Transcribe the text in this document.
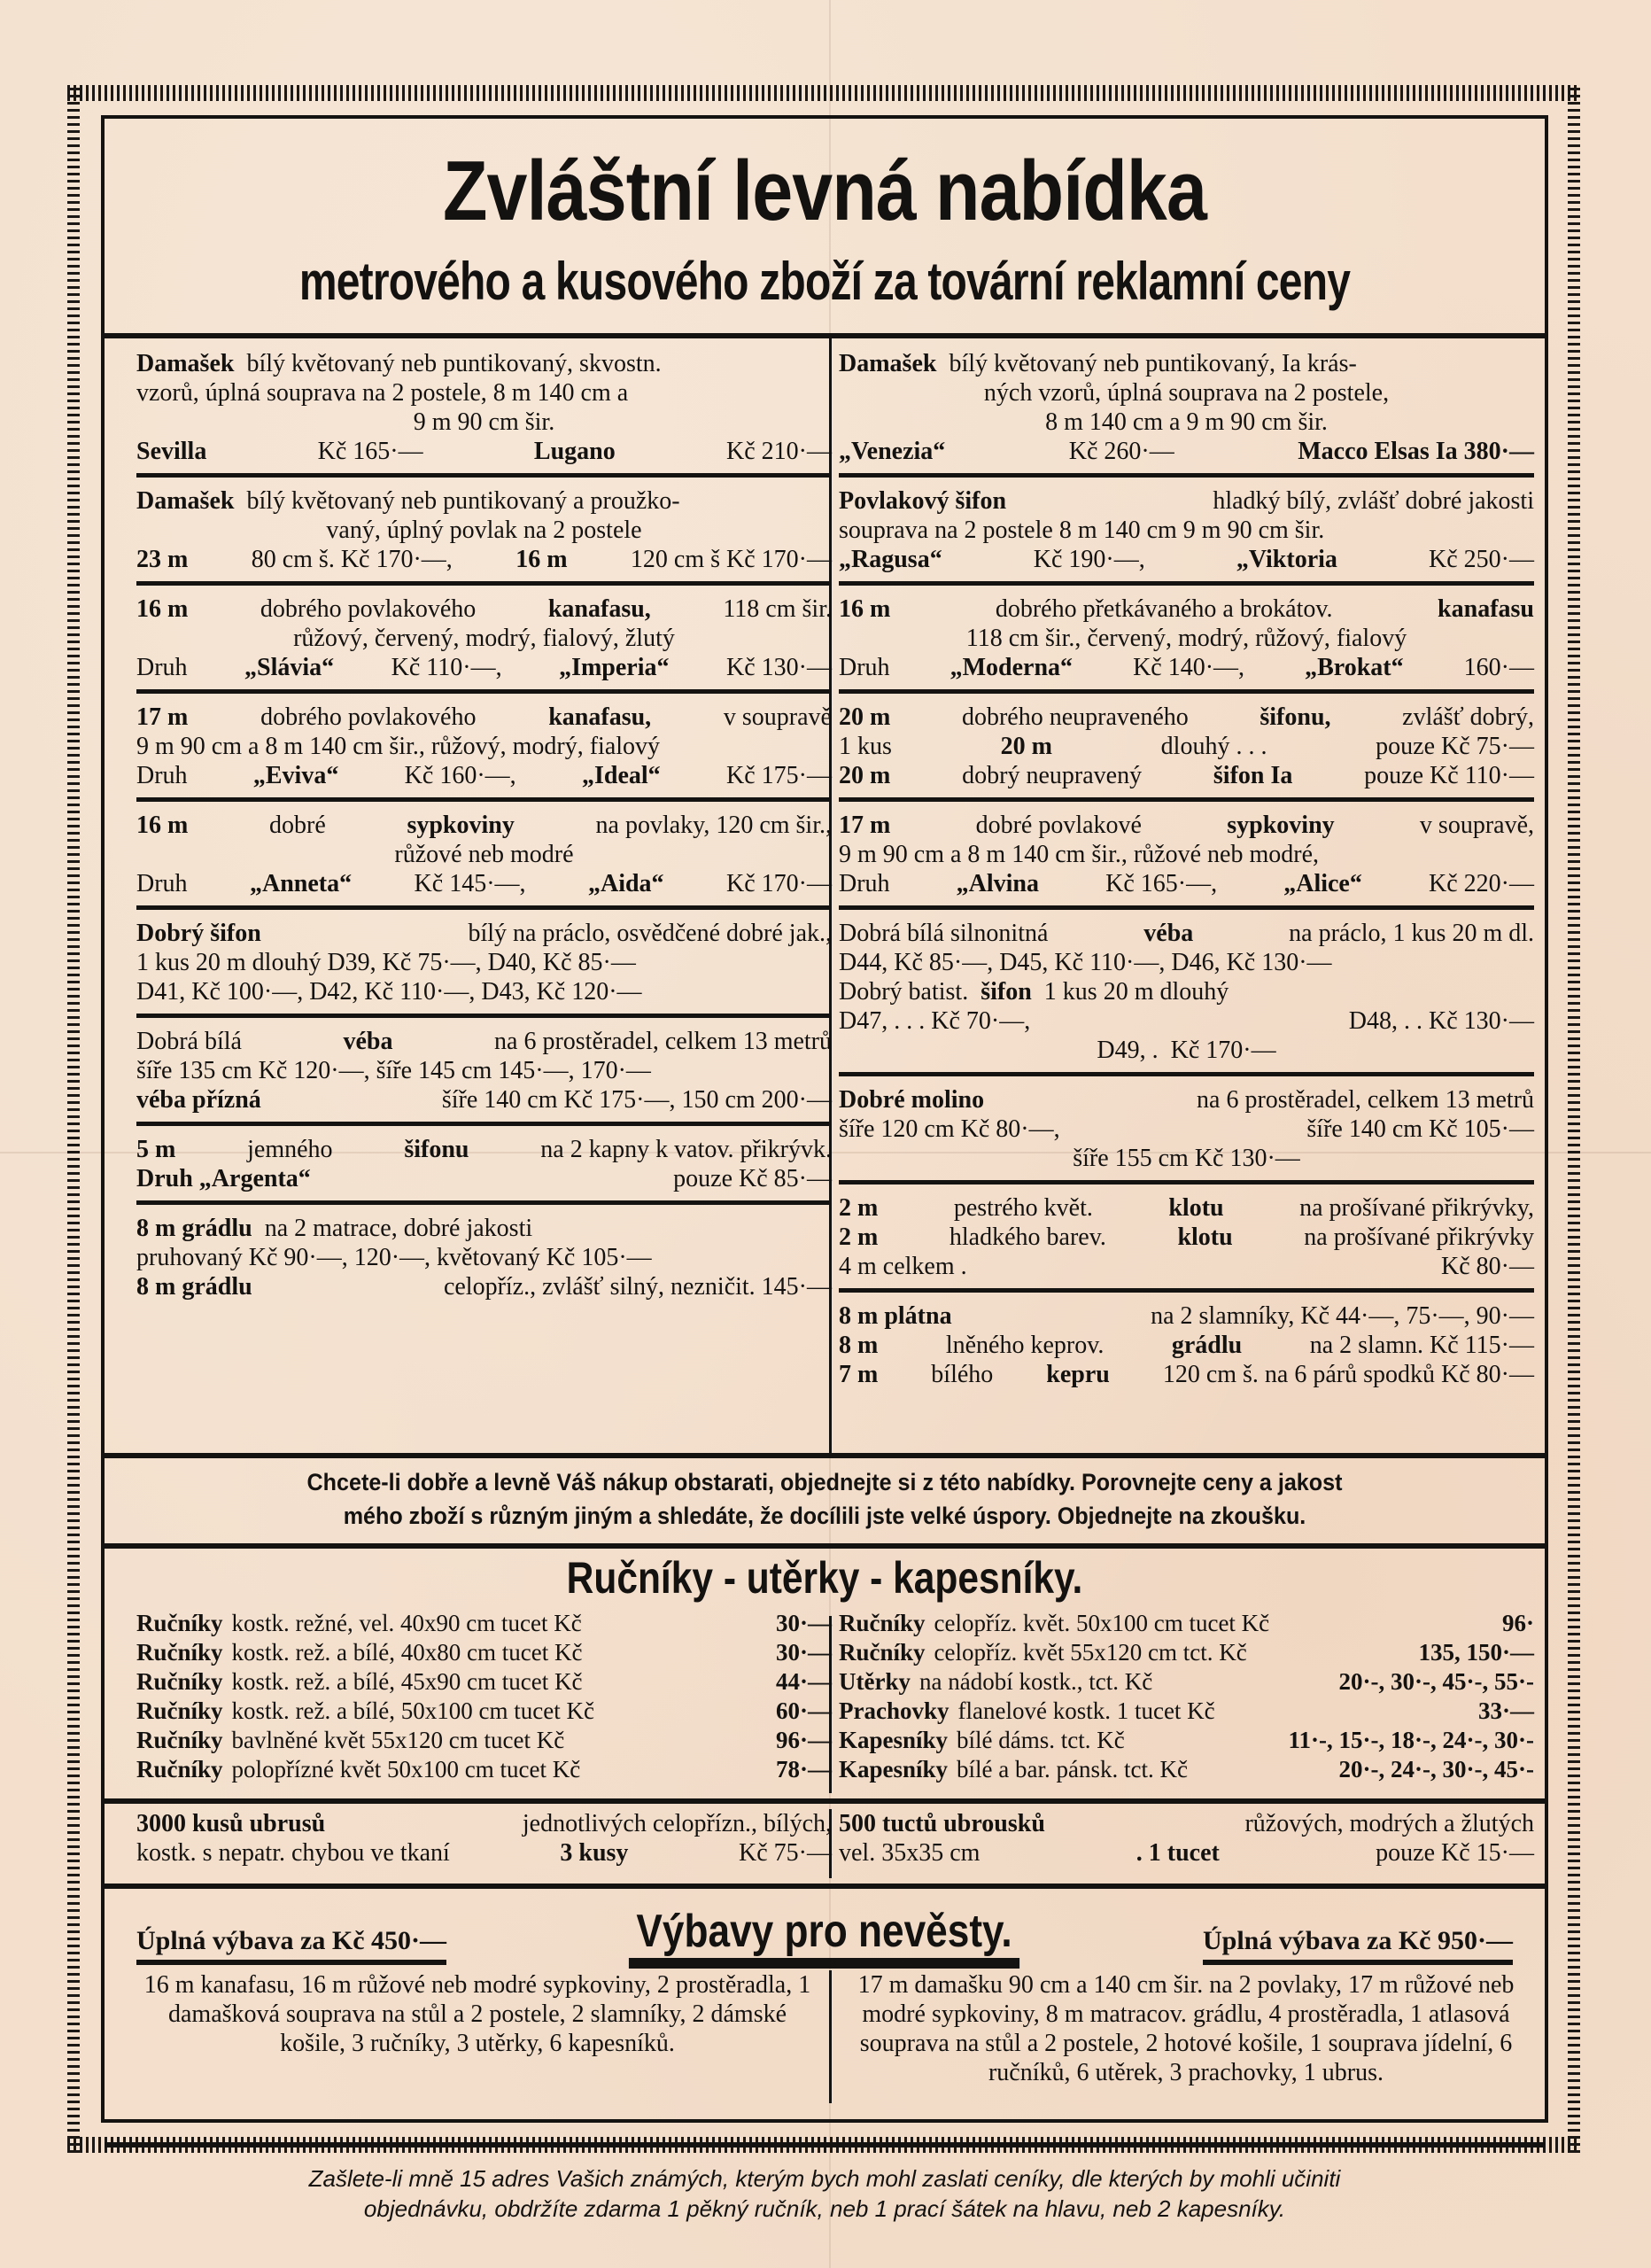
Zvláštní levná nabídka
metrového a kusového zboží za tovární reklamní ceny
Damašek bílý květovaný neb puntikovaný, skvostn.
vzorů, úplná souprava na 2 postele, 8 m 140 cm a
9 m 90 cm šir.
Sevilla	Kč 165·—	Lugano	Kč 210·—
Damašek bílý květovaný neb puntikovaný a proužko-
vaný, úplný povlak na 2 postele
23 m	80 cm š. Kč 170·—,	16 m	120 cm š Kč 170·—
16 m	dobrého povlakového	kanafasu,	118 cm šir.
růžový, červený, modrý, fialový, žlutý
Druh „Slávia“ Kč 110·—, „Imperia“ Kč 130·—
17 m	dobrého povlakového	kanafasu,	v soupravě
9 m 90 cm a 8 m 140 cm šir., růžový, modrý, fialový
Druh	„Eviva“	Kč 160·—,	„Ideal“	Kč 175·—
16 m	dobré	sypkoviny	na povlaky, 120 cm šir.,
růžové neb modré
Druh	„Anneta“	Kč 145·—,	„Aida“	Kč 170·—
Dobrý šifon	bílý na práclo, osvědčené dobré jak.,
1 kus 20 m dlouhý D39, Kč 75·—, D40, Kč 85·—
D41, Kč 100·—, D42, Kč 110·—, D43, Kč 120·—
Dobrá bílá	véba	na 6 prostěradel, celkem 13 metrů
šíře 135 cm Kč 120·—, šíře 145 cm 145·—, 170·—
véba přízná	šíře 140 cm Kč 175·—, 150 cm 200·—
5 m	jemného	šifonu	na 2 kapny k vatov. přikrývk.
Druh „Argenta“	pouze Kč 85·—
8 m grádlu na 2 matrace, dobré jakosti
pruhovaný Kč 90·—, 120·—, květovaný Kč 105·—
8 m grádlu	celopříz., zvlášť silný, nezničit. 145·—
Damašek bílý květovaný neb puntikovaný, Ia krás-
ných vzorů, úplná souprava na 2 postele,
8 m 140 cm a 9 m 90 cm šir.
„Venezia“	Kč 260·—	Macco Elsas Ia 380·—
Povlakový šifon	hladký bílý, zvlášť dobré jakosti
souprava na 2 postele 8 m 140 cm 9 m 90 cm šir.
„Ragusa“	Kč 190·—,	„Viktoria	Kč 250·—
16 m	dobrého přetkávaného a brokátov.	kanafasu
118 cm šir., červený, modrý, růžový, fialový
Druh „Moderna“ Kč 140·—, „Brokat“ 160·—
20 m	dobrého neupraveného	šifonu,	zvlášť dobrý,
1 kus	20 m	dlouhý . . .	pouze Kč 75·—
20 m	dobrý neupravený	šifon Ia	pouze Kč 110·—
17 m	dobré povlakové	sypkoviny	v soupravě,
9 m 90 cm a 8 m 140 cm šir., růžové neb modré,
Druh	„Alvina	Kč 165·—,	„Alice“	Kč 220·—
Dobrá bílá silnonitná	véba	na práclo, 1 kus 20 m dl.
D44, Kč 85·—, D45, Kč 110·—, D46, Kč 130·—
Dobrý batist. šifon 1 kus 20 m dlouhý
D47, . . . Kč 70·—,	D48, . . Kč 130·—
D49, . Kč 170·—
Dobré molino	na 6 prostěradel, celkem 13 metrů
šíře 120 cm Kč 80·—,	šíře 140 cm Kč 105·—
šíře 155 cm Kč 130·—
2 m	pestrého květ.	klotu	na prošívané přikrývky,
2 m	hladkého barev.	klotu	na prošívané přikrývky
4 m celkem .	Kč 80·—
8 m plátna	na 2 slamníky, Kč 44·—, 75·—, 90·—
8 m	lněného keprov.	grádlu	na 2 slamn. Kč 115·—
7 m bílého kepru 120 cm š. na 6 párů spodků Kč 80·—
Chcete-li dobře a levně Váš nákup obstarati, objednejte si z této nabídky. Porovnejte ceny a jakost
mého zboží s různým jiným a shledáte, že docílili jste velké úspory. Objednejte na zkoušku.
Ručníky - utěrky - kapesníky.
Ručníky kostk. režné, vel. 40x90 cm tucet Kč	30·—
Ručníky kostk. rež. a bílé, 40x80 cm tucet Kč	30·—
Ručníky kostk. rež. a bílé, 45x90 cm tucet Kč	44·—
Ručníky kostk. rež. a bílé, 50x100 cm tucet Kč	60·—
Ručníky bavlněné květ 55x120 cm tucet Kč	96·—
Ručníky polopřízné květ 50x100 cm tucet Kč	78·—
Ručníky celopříz. květ. 50x100 cm tucet Kč	96·
Ručníky celopříz. květ 55x120 cm tct. Kč	135, 150·—
Utěrky na nádobí kostk., tct. Kč	20·-, 30·-, 45·-, 55·-
Prachovky flanelové kostk. 1 tucet Kč	33·—
Kapesníky bílé dáms. tct. Kč	11·-, 15·-, 18·-, 24·-, 30·-
Kapesníky bílé a bar. pánsk. tct. Kč	20·-, 24·-, 30·-, 45·-
3000 kusů ubrusů	jednotlivých celopřízn., bílých,
kostk. s nepatr. chybou ve tkaní	3 kusy	Kč 75·—
500 tuctů ubrousků	růžových, modrých a žlutých
vel. 35x35 cm	. 1 tucet	pouze Kč 15·—
Úplná výbava za Kč 450·—	Výbavy pro nevěsty.	Úplná výbava za Kč 950·—
16 m kanafasu, 16 m růžové neb modré sypkoviny, 2 prostěradla, 1 damašková souprava na stůl a 2 postele, 2 slamníky, 2 dámské košile, 3 ručníky, 3 utěrky, 6 kapesníků.
17 m damašku 90 cm a 140 cm šir. na 2 povlaky, 17 m růžové neb modré sypkoviny, 8 m matracov. grádlu, 4 prostěradla, 1 atlasová souprava na stůl a 2 postele, 2 hotové košile, 1 souprava jídelní, 6 ručníků, 6 utěrek, 3 prachovky, 1 ubrus.
Zašlete-li mně 15 adres Vašich známých, kterým bych mohl zaslati ceníky, dle kterých by mohli učiniti
objednávku, obdržíte zdarma 1 pěkný ručník, neb 1 prací šátek na hlavu, neb 2 kapesníky.
